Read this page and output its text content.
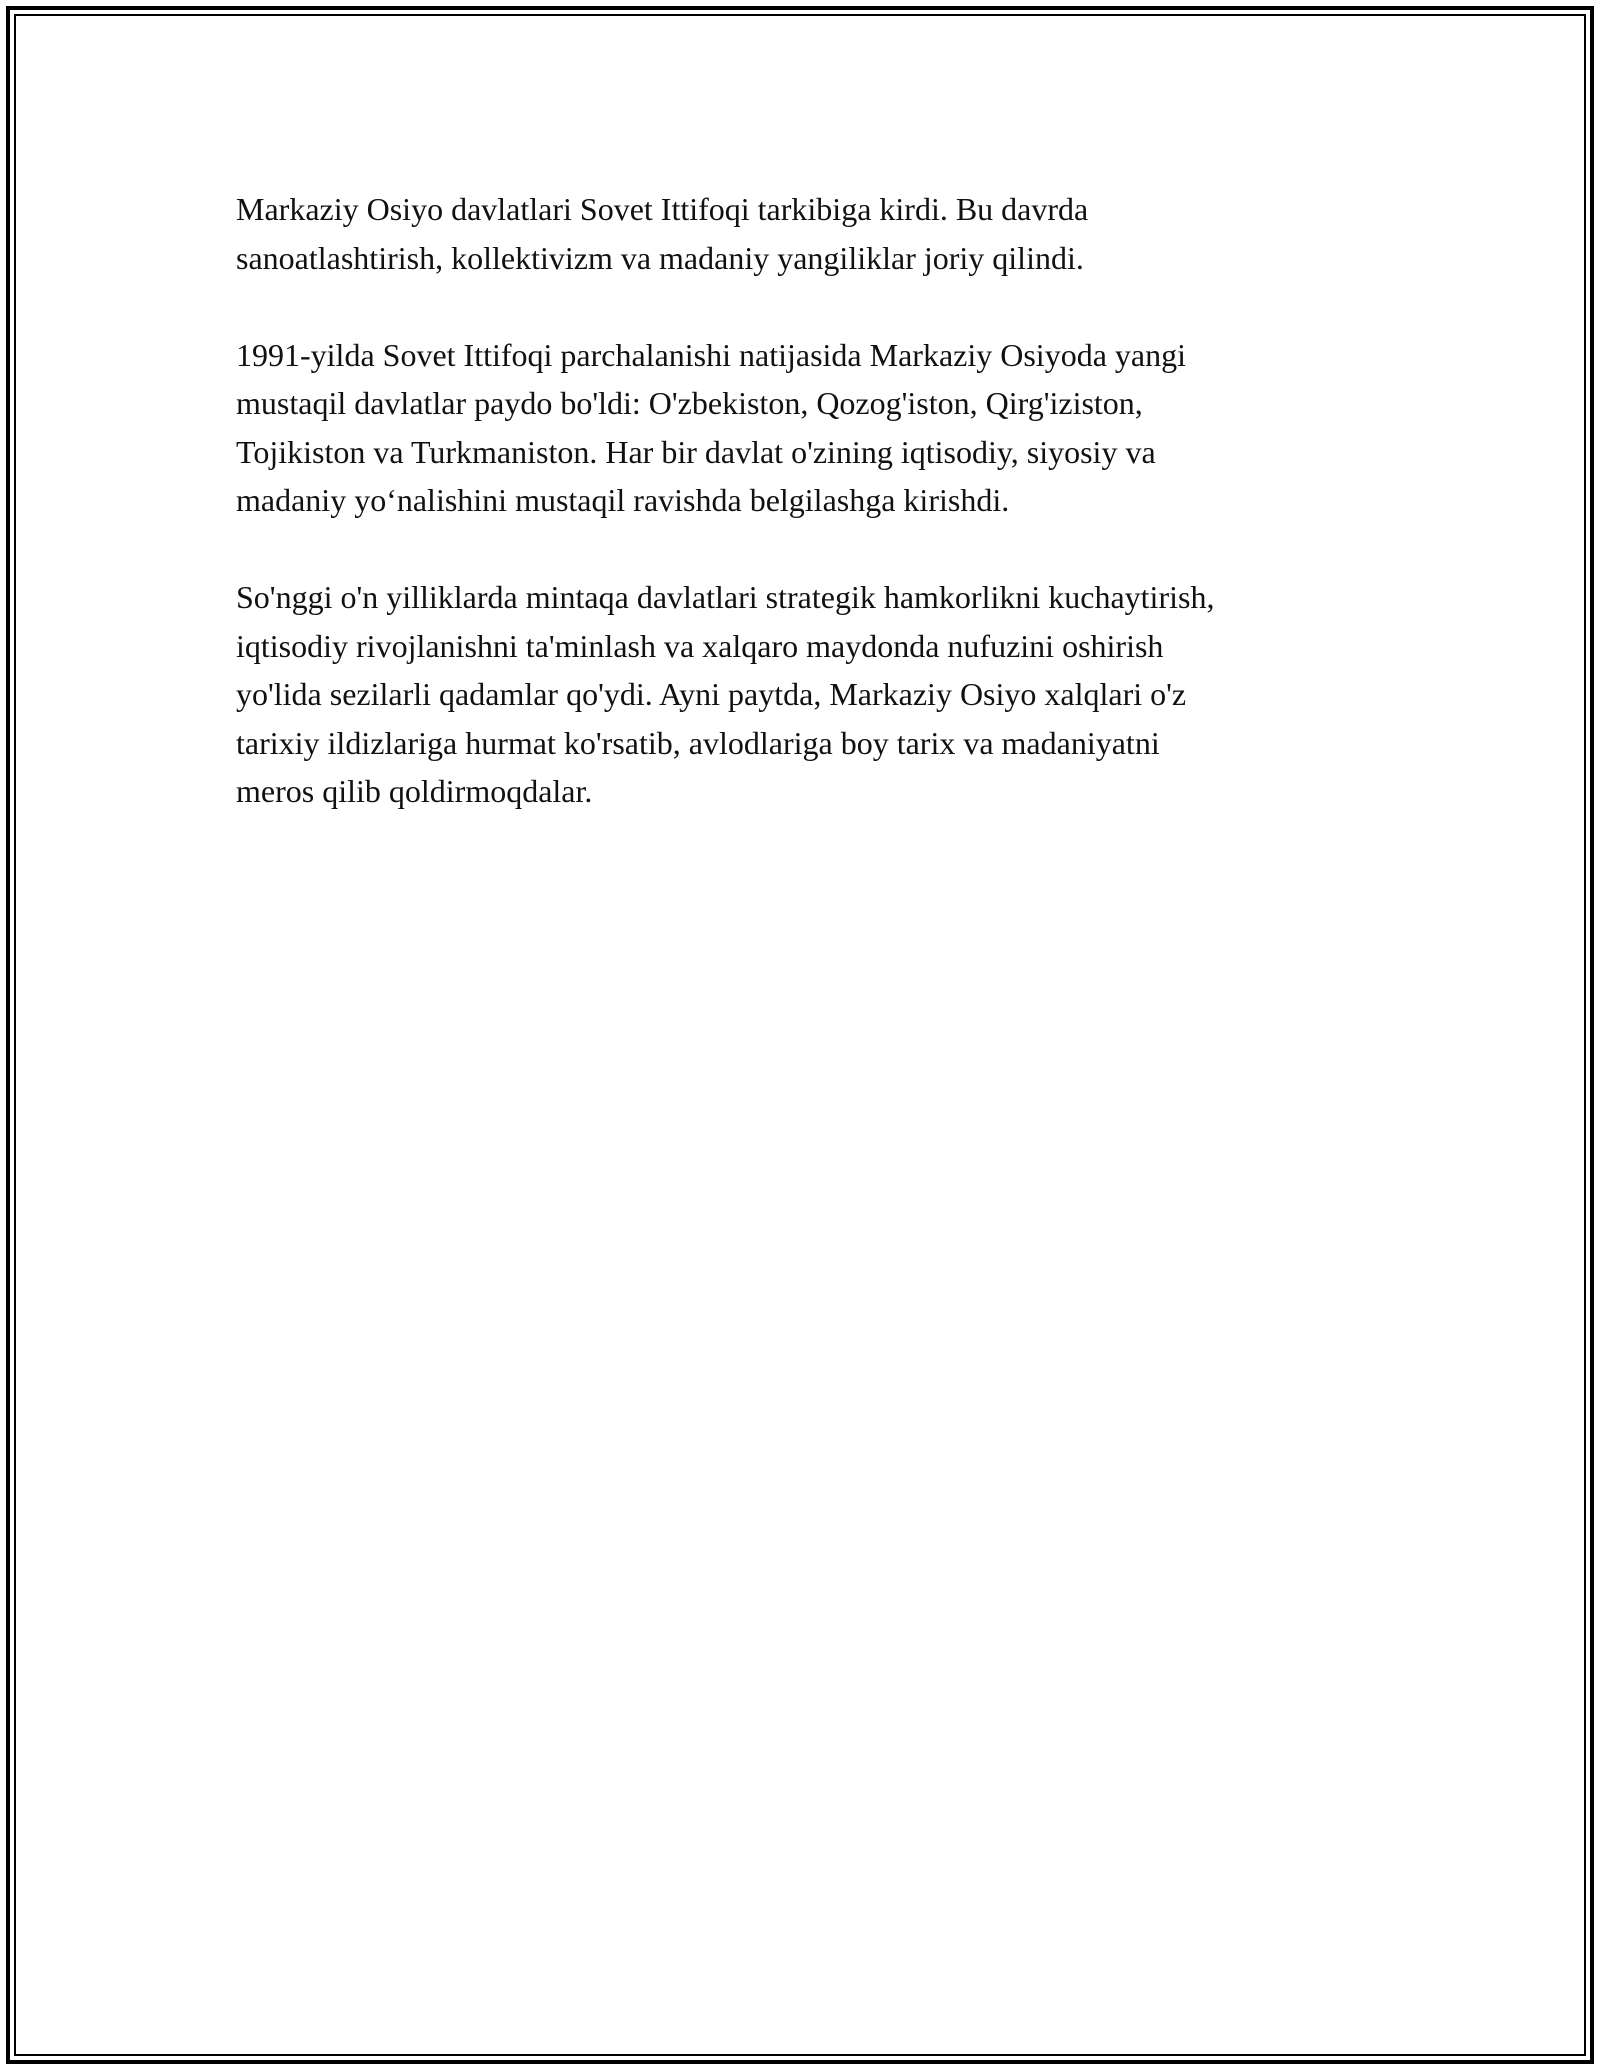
Markaziy Osiyo davlatlari Sovet Ittifoqi tarkibiga kirdi. Bu davrda
sanoatlashtirish, kollektivizm va madaniy yangiliklar joriy qilindi.

1991-yilda Sovet Ittifoqi parchalanishi natijasida Markaziy Osiyoda yangi
mustaqil davlatlar paydo bo'ldi: O'zbekiston, Qozog'iston, Qirg'iziston,
Tojikiston va Turkmaniston. Har bir davlat o'zining iqtisodiy, siyosiy va
madaniy yo‘nalishini mustaqil ravishda belgilashga kirishdi.

So'nggi o'n yilliklarda mintaqa davlatlari strategik hamkorlikni kuchaytirish,
iqtisodiy rivojlanishni ta'minlash va xalqaro maydonda nufuzini oshirish
yo'lida sezilarli qadamlar qo'ydi. Ayni paytda, Markaziy Osiyo xalqlari o'z
tarixiy ildizlariga hurmat ko'rsatib, avlodlariga boy tarix va madaniyatni
meros qilib qoldirmoqdalar.
